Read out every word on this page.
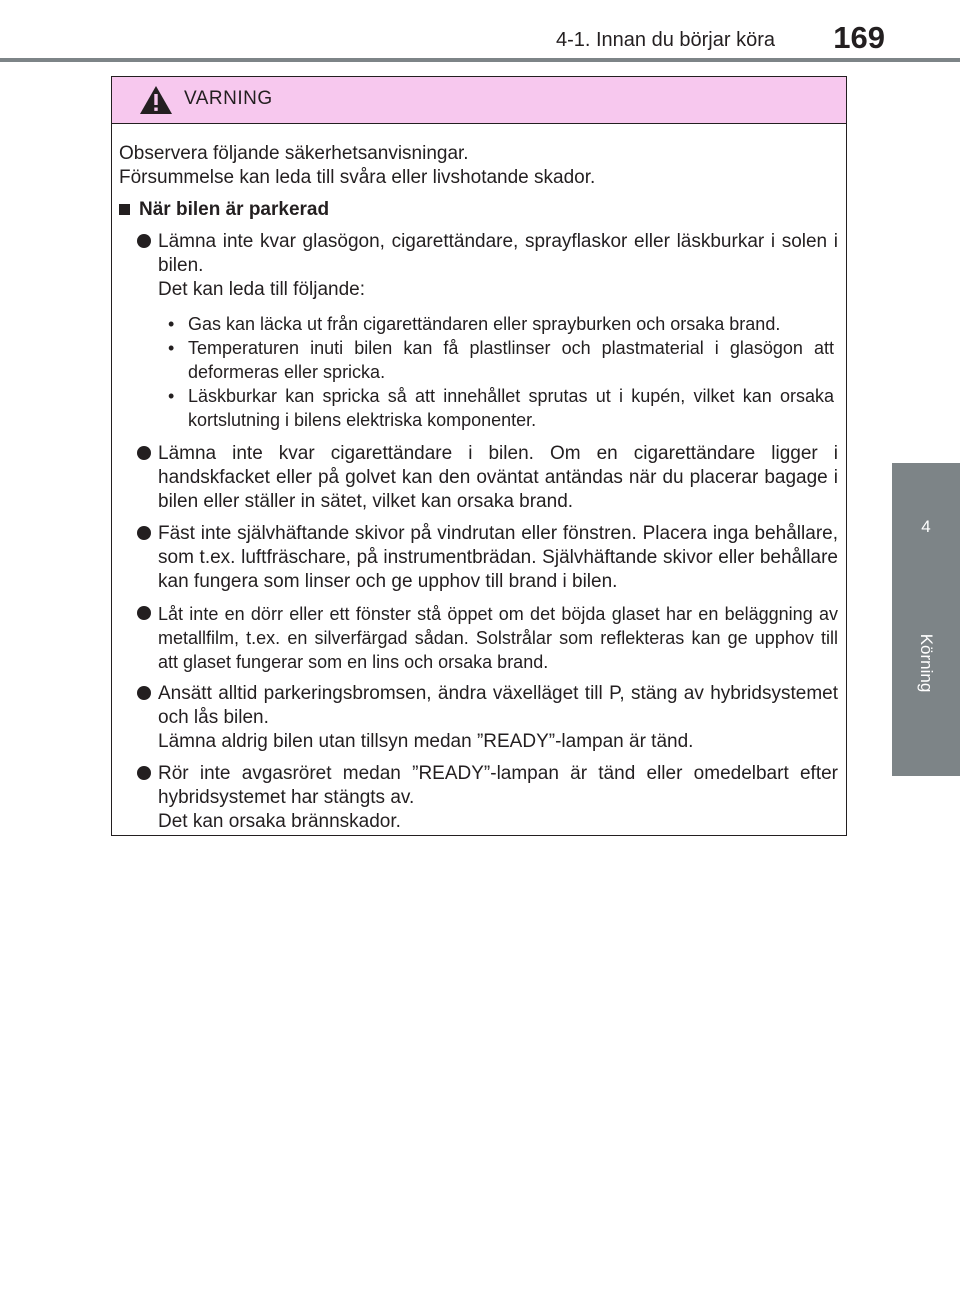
4-1. Innan du börjar köra 169
4
Körning
VARNING

Observera följande säkerhetsanvisningar.

Försummelse kan leda till svåra eller livshotande skador.

När bilen är parkerad

Lämna inte kvar glasögon, cigarettändare, sprayflaskor eller läskburkar i solen i bilen.

Det kan leda till följande:

• Gas kan läcka ut från cigarettändaren eller sprayburken och orsaka brand.
• Temperaturen inuti bilen kan få plastlinser och plastmaterial i glasögon att deformeras eller spricka.
• Läskburkar kan spricka så att innehållet sprutas ut i kupén, vilket kan orsaka kortslutning i bilens elektriska komponenter.

Lämna inte kvar cigarettändare i bilen. Om en cigarettändare ligger i handskfacket eller på golvet kan den oväntat antändas när du placerar bagage i bilen eller ställer in sätet, vilket kan orsaka brand.

Fäst inte självhäftande skivor på vindrutan eller fönstren. Placera inga behållare, som t.ex. luftfräschare, på instrumentbrädan. Självhäftande skivor eller behållare kan fungera som linser och ge upphov till brand i bilen.

Låt inte en dörr eller ett fönster stå öppet om det böjda glaset har en beläggning av metallfilm, t.ex. en silverfärgad sådan. Solstrålar som reflekteras kan ge upphov till att glaset fungerar som en lins och orsaka brand.

Ansätt alltid parkeringsbromsen, ändra växelläget till P, stäng av hybridsystemet och lås bilen.

Lämna aldrig bilen utan tillsyn medan ”READY”-lampan är tänd.

Rör inte avgasröret medan ”READY”-lampan är tänd eller omedelbart efter hybridsystemet har stängts av.

Det kan orsaka brännskador.
